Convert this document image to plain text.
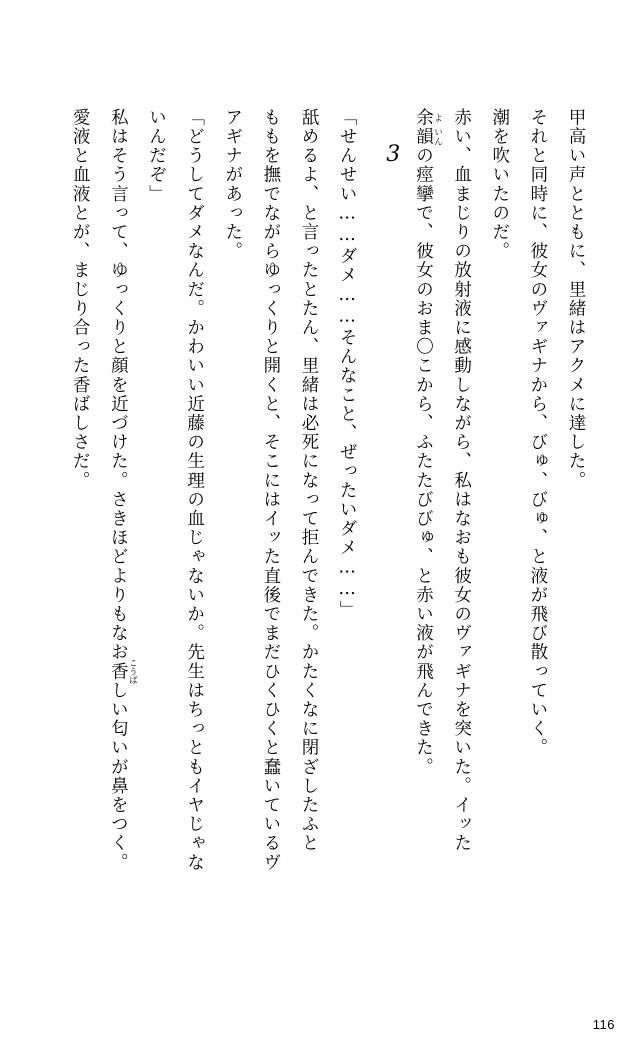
甲高い声とともに、里緒はアクメに達した。

それと同時に、彼女のヴァギナから、びゅ、びゅ、と液が飛び散っていく。

潮を吹いたのだ。

赤い、血まじりの放射液に感動しながら、私はなおも彼女のヴァギナを突いた。イッた

余 よ韻 いんの痙攣で、彼女のおま〇こから、ふたたびびゅ、と赤い液が飛んできた。

3

「せんせい……ダメ……そんなこと、ぜったいダメ……」

舐めるよ、と言ったとたん、里緒は必死になって拒んできた。かたくなに閉ざしたふと

ももを撫でながらゆっくりと開くと、そこにはイッた直後でまだひくひくと蠢いているヴ

アギナがあった。

「どうしてダメなんだ。かわいい近藤の生理の血じゃないか。先生はちっともイヤじゃな

いんだぞ」

私はそう言って、ゆっくりと顔を近づけた。さきほどよりもなお香 こうばしい匂いが鼻をつく。

愛液と血液とが、まじり合った香ばしさだ。

116
